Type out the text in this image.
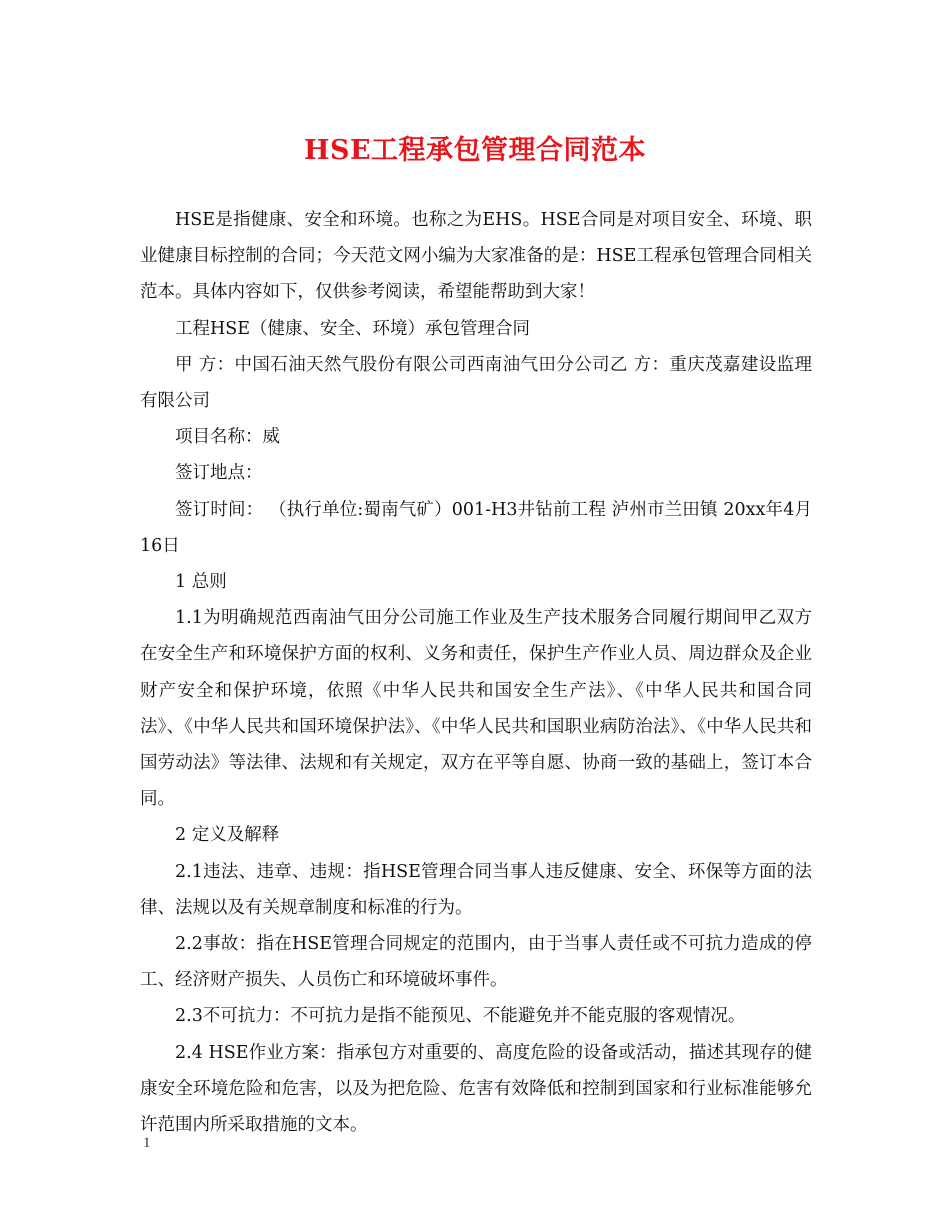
HSE工程承包管理合同范本

HSE是指健康、安全和环境。也称之为EHS。HSE合同是对项目安全、环境、职业健康目标控制的合同；今天范文网小编为大家准备的是：HSE工程承包管理合同相关范本。具体内容如下，仅供参考阅读，希望能帮助到大家！

工程HSE（健康、安全、环境）承包管理合同

甲 方：中国石油天然气股份有限公司西南油气田分公司乙 方：重庆茂嘉建设监理有限公司

项目名称：威

签订地点：

签订时间： （执行单位:蜀南气矿）001-H3井钻前工程 泸州市兰田镇 20xx年4月16日

1 总则

1.1为明确规范西南油气田分公司施工作业及生产技术服务合同履行期间甲乙双方在安全生产和环境保护方面的权利、义务和责任，保护生产作业人员、周边群众及企业财产安全和保护环境，依照《中华人民共和国安全生产法》、《中华人民共和国合同法》、《中华人民共和国环境保护法》、《中华人民共和国职业病防治法》、《中华人民共和国劳动法》等法律、法规和有关规定，双方在平等自愿、协商一致的基础上，签订本合同。

2 定义及解释

2.1违法、违章、违规：指HSE管理合同当事人违反健康、安全、环保等方面的法律、法规以及有关规章制度和标准的行为。

2.2事故：指在HSE管理合同规定的范围内，由于当事人责任或不可抗力造成的停工、经济财产损失、人员伤亡和环境破坏事件。

2.3不可抗力：不可抗力是指不能预见、不能避免并不能克服的客观情况。

2.4 HSE作业方案：指承包方对重要的、高度危险的设备或活动，描述其现存的健康安全环境危险和危害，以及为把危险、危害有效降低和控制到国家和行业标准能够允许范围内所采取措施的文本。

1
